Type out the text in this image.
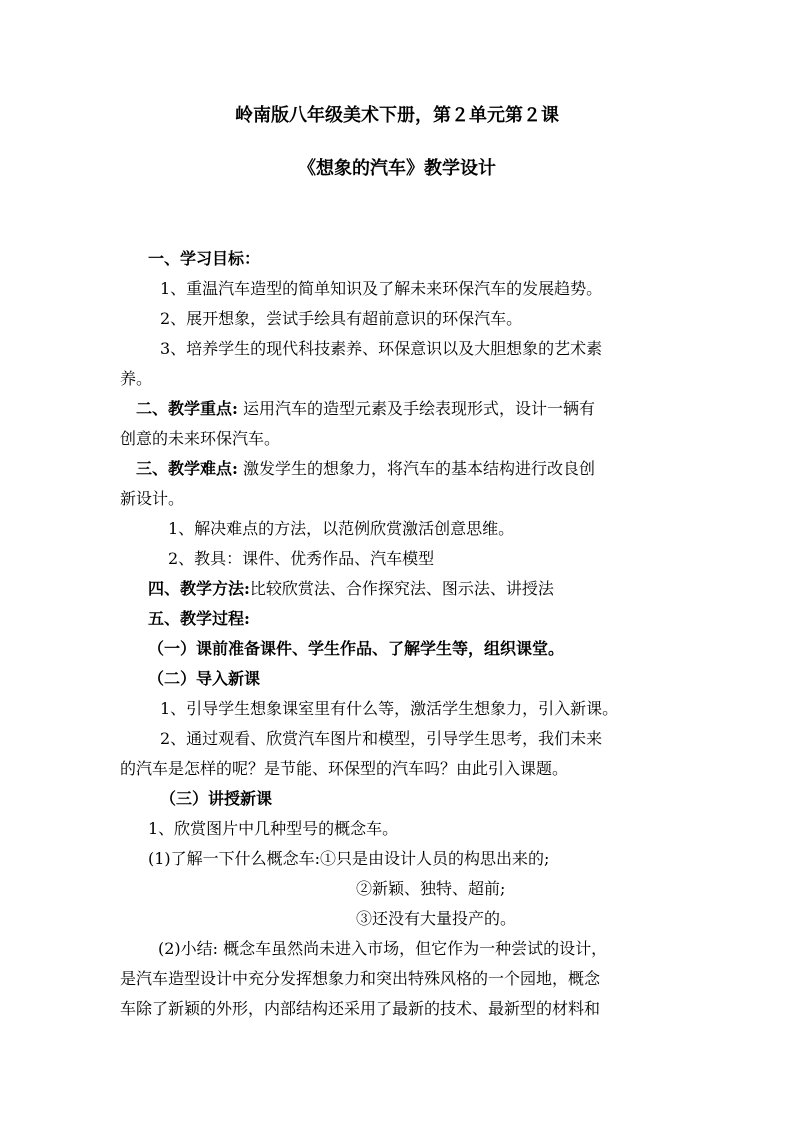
岭南版八年级美术下册，第２单元第２课
《想象的汽车》教学设计
一、学习目标：
1、重温汽车造型的简单知识及了解未来环保汽车的发展趋势。
2、展开想象，尝试手绘具有超前意识的环保汽车。
3、培养学生的现代科技素养、环保意识以及大胆想象的艺术素
养。
二、教学重点: 运用汽车的造型元素及手绘表现形式，设计一辆有
创意的未来环保汽车。
三、教学难点: 激发学生的想象力，将汽车的基本结构进行改良创
新设计。
1、解决难点的方法，以范例欣赏激活创意思维。
2、教具：课件、优秀作品、汽车模型
四、教学方法:比较欣赏法、合作探究法、图示法、讲授法
五、教学过程:
（一）课前准备课件、学生作品、了解学生等，组织课堂。
（二）导入新课
1、引导学生想象课室里有什么等，激活学生想象力，引入新课。
2、通过观看、欣赏汽车图片和模型，引导学生思考，我们未来
的汽车是怎样的呢？是节能、环保型的汽车吗？由此引入课题。
（三）讲授新课
1、欣赏图片中几种型号的概念车。
(1)了解一下什么概念车:①只是由设计人员的构思出来的;
②新颖、独特、超前;
③还没有大量投产的。
(2)小结: 概念车虽然尚未进入市场，但它作为一种尝试的设计，
是汽车造型设计中充分发挥想象力和突出特殊风格的一个园地，概念
车除了新颖的外形，内部结构还采用了最新的技术、最新型的材料和
